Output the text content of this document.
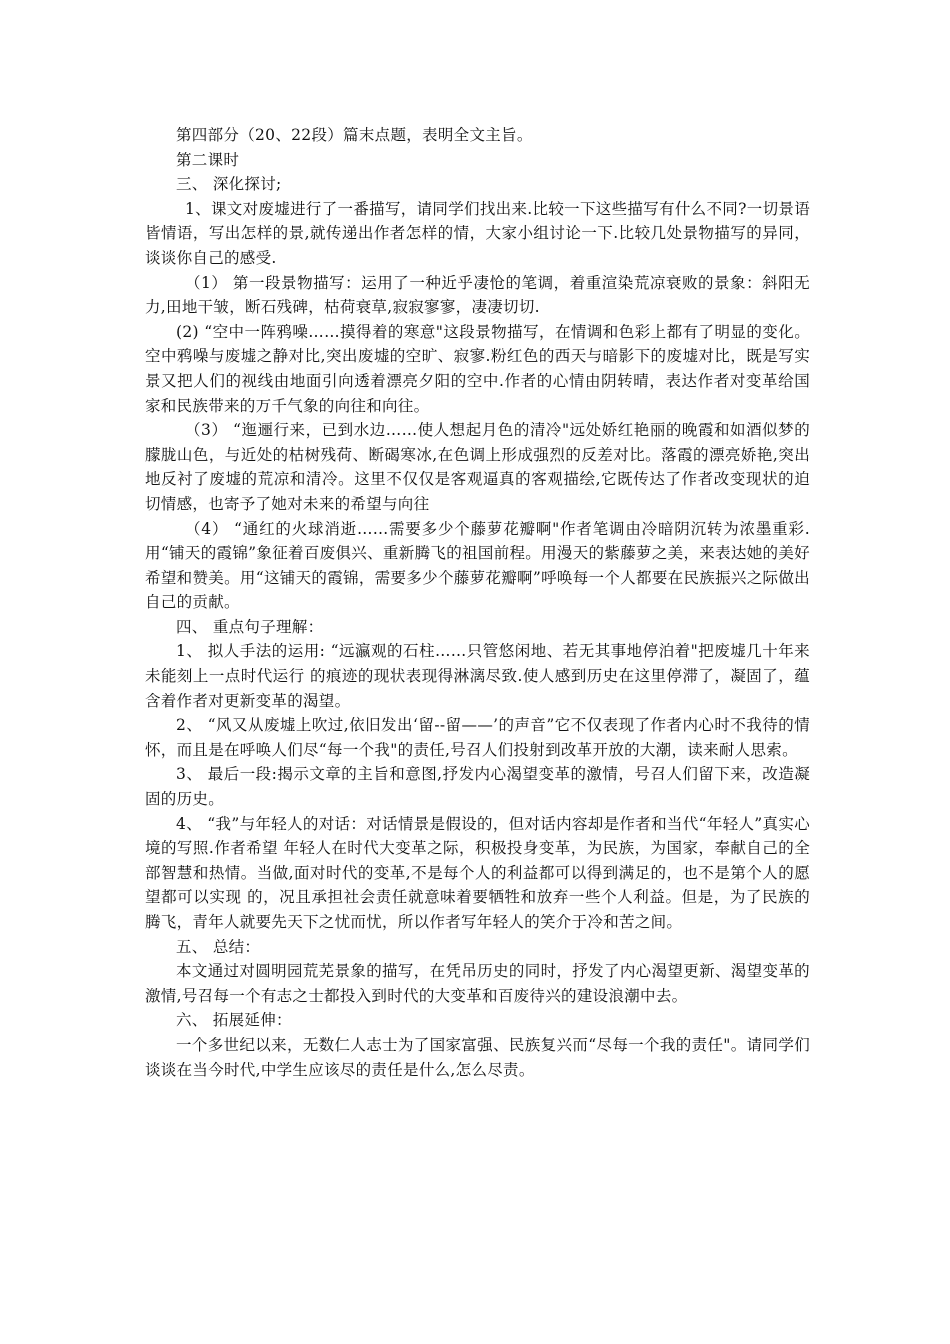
第四部分（20、22段）篇末点题，表明全文主旨。

第二课时

三、 深化探讨;

1、课文对废墟进行了一番描写，请同学们找出来.比较一下这些描写有什么不同?一切景语皆情语，写出怎样的景,就传递出作者怎样的情，大家小组讨论一下.比较几处景物描写的异同，谈谈你自己的感受.

（1） 第一段景物描写：运用了一种近乎凄怆的笔调，着重渲染荒凉衰败的景象：斜阳无力,田地干皱，断石残碑，枯荷衰草,寂寂寥寥，凄凄切切.

(2) “空中一阵鸦噪……摸得着的寒意"这段景物描写，在情调和色彩上都有了明显的变化。空中鸦噪与废墟之静对比,突出废墟的空旷、寂寥.粉红色的西天与暗影下的废墟对比，既是写实景又把人们的视线由地面引向透着漂亮夕阳的空中.作者的心情由阴转晴，表达作者对变革给国家和民族带来的万千气象的向往和向往。

（3） “迤逦行来，已到水边……使人想起月色的清冷"远处娇红艳丽的晚霞和如酒似梦的朦胧山色，与近处的枯树残荷、断碣寒冰,在色调上形成强烈的反差对比。落霞的漂亮娇艳,突出地反衬了废墟的荒凉和清冷。这里不仅仅是客观逼真的客观描绘,它既传达了作者改变现状的迫切情感，也寄予了她对未来的希望与向往

（4） “通红的火球消逝……需要多少个藤萝花瓣啊"作者笔调由冷暗阴沉转为浓墨重彩.用“铺天的霞锦”象征着百废俱兴、重新腾飞的祖国前程。用漫天的紫藤萝之美，来表达她的美好希望和赞美。用“这铺天的霞锦，需要多少个藤萝花瓣啊”呼唤每一个人都要在民族振兴之际做出自己的贡献。

四、 重点句子理解：

1、 拟人手法的运用: “远瀛观的石柱……只管悠闲地、若无其事地停泊着"把废墟几十年来未能刻上一点时代运行 的痕迹的现状表现得淋漓尽致.使人感到历史在这里停滞了，凝固了，蕴含着作者对更新变革的渴望。

2、 “风又从废墟上吹过,依旧发出‘留--留——’的声音”它不仅表现了作者内心时不我待的情怀，而且是在呼唤人们尽“每一个我"的责任,号召人们投射到改革开放的大潮，读来耐人思索。

3、 最后一段:揭示文章的主旨和意图,抒发内心渴望变革的激情，号召人们留下来，改造凝固的历史。

4、 “我”与年轻人的对话：对话情景是假设的，但对话内容却是作者和当代“年轻人”真实心境的写照.作者希望 年轻人在时代大变革之际，积极投身变革，为民族，为国家，奉献自己的全部智慧和热情。当做,面对时代的变革,不是每个人的利益都可以得到满足的，也不是第个人的愿望都可以实现 的，况且承担社会责任就意味着要牺牲和放弃一些个人利益。但是，为了民族的腾飞，青年人就要先天下之忧而忧，所以作者写年轻人的笑介于冷和苦之间。

五、 总结：

本文通过对圆明园荒芜景象的描写，在凭吊历史的同时，抒发了内心渴望更新、渴望变革的激情,号召每一个有志之士都投入到时代的大变革和百废待兴的建设浪潮中去。

六、 拓展延伸：

一个多世纪以来，无数仁人志士为了国家富强、民族复兴而“尽每一个我的责任"。请同学们谈谈在当今时代,中学生应该尽的责任是什么,怎么尽责。
